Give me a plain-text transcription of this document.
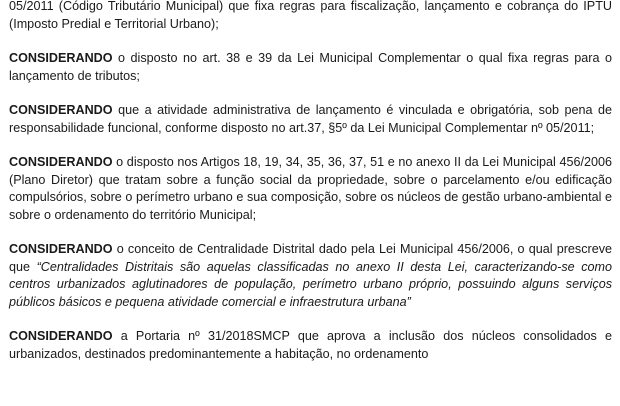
05/2011 (Código Tributário Municipal) que fixa regras para fiscalização, lançamento e cobrança do IPTU (Imposto Predial e Territorial Urbano);

CONSIDERANDO o disposto no art. 38 e 39 da Lei Municipal Complementar o qual fixa regras para o lançamento de tributos;

CONSIDERANDO que a atividade administrativa de lançamento é vinculada e obrigatória, sob pena de responsabilidade funcional, conforme disposto no art.37, §5º da Lei Municipal Complementar nº 05/2011;

CONSIDERANDO o disposto nos Artigos 18, 19, 34, 35, 36, 37, 51 e no anexo II da Lei Municipal 456/2006 (Plano Diretor) que tratam sobre a função social da propriedade, sobre o parcelamento e/ou edificação compulsórios, sobre o perímetro urbano e sua composição, sobre os núcleos de gestão urbano-ambiental e sobre o ordenamento do território Municipal;

CONSIDERANDO o conceito de Centralidade Distrital dado pela Lei Municipal 456/2006, o qual prescreve que “Centralidades Distritais são aquelas classificadas no anexo II desta Lei, caracterizando-se como centros urbanizados aglutinadores de população, perímetro urbano próprio, possuindo alguns serviços públicos básicos e pequena atividade comercial e infraestrutura urbana”

CONSIDERANDO a Portaria nº 31/2018SMCP que aprova a inclusão dos núcleos consolidados e urbanizados, destinados predominantemente a habitação, no ordenamento
